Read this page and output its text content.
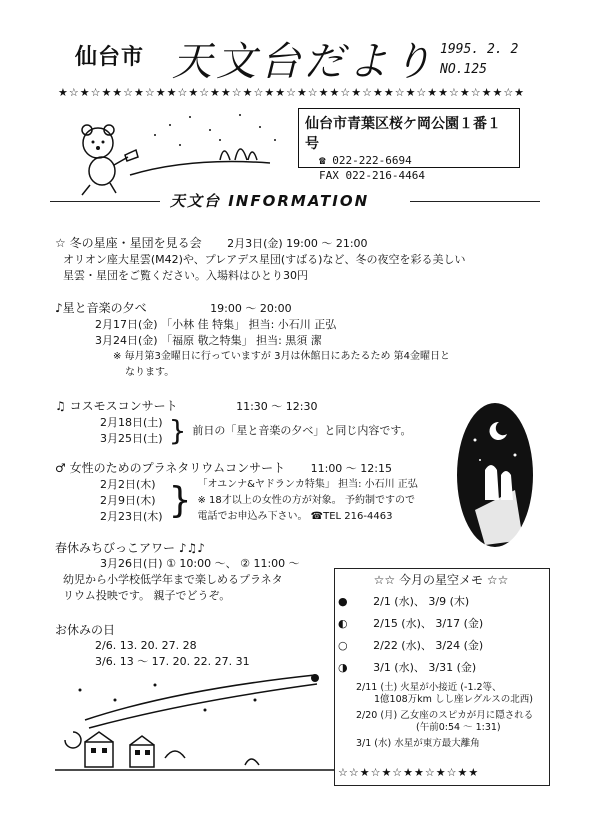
仙台市 天文台だより 1995. 2. 2
NO.125
★☆★☆★★☆★☆★★☆★☆★★☆★☆★★☆★☆★★☆★☆★★☆★☆★★☆★☆★★☆★
仙台市青葉区桜ケ岡公園１番１号
☎ 022-222-6694
FAX 022-216-4464
天文台 INFORMATION
☆ 冬の星座・星団を見る会 2月3日(金) 19:00 ～ 21:00
オリオン座大星雲(M42)や、プレアデス星団(すばる)など、冬の夜空を彩る美しい
星雲・星団をご覧ください。入場料はひとり30円
♪星と音楽の夕べ	19:00 ～ 20:00
2月17日(金) 「小林 佳 特集」 担当: 小石川 正弘
3月24日(金) 「福原 敬之特集」 担当: 黒須 潔
※ 毎月第3金曜日に行っていますが 3月は休館日にあたるため 第4金曜日と
なります。
♫ コスモスコンサート	11:30 ～ 12:30
2月18日(土)
3月25日(土) } 前日の「星と音楽の夕べ」と同じ内容です。
♂ 女性のためのプラネタリウムコンサート 11:00 ～ 12:15
2月2日(木)
2月9日(木)
2月23日(木) } 「オユンナ&ヤドランカ特集」 担当: 小石川 正弘
※ 18才以上の女性の方が対象。 予約制ですので
電話でお申込み下さい。 ☎TEL 216-4463
春休みちびっこアワー ♪♫♪
3月26日(日) ① 10:00 ～、 ② 11:00 ～
幼児から小学校低学年まで楽しめるプラネタ
リウム投映です。 親子でどうぞ。
お休みの日
2/6. 13. 20. 27. 28
3/6. 13 ～ 17. 20. 22. 27. 31
☆☆ 今月の星空メモ ☆☆
● 2/1 (水)、 3/9 (木)
◐ 2/15 (水)、 3/17 (金)
○ 2/22 (水)、 3/24 (金)
◑ 3/1 (水)、 3/31 (金)
2/11 (土) 火星が小接近 (-1.2等、
1億108万km しし座レグルスの北西)
2/20 (月) 乙女座のスピカが月に隠される
(午前0:54 ～ 1:31)
3/1 (水) 水星が東方最大離角
☆☆★☆★☆★★☆★☆★★
